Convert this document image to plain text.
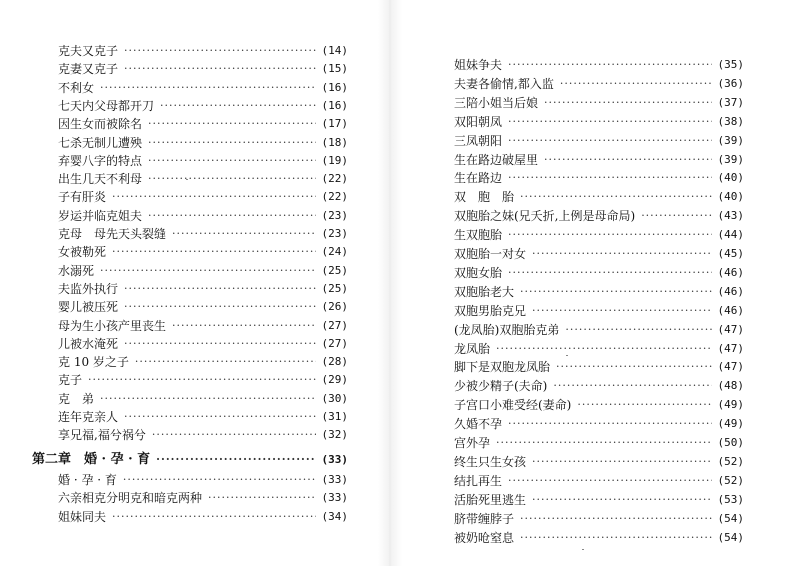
克夫又克子 ·····	(14)
克妻又克子 ·····	(15)
不利女 ·····	(16)
七天内父母都开刀 ·····	(16)
因生女而被除名 ·····	(17)
七杀无制儿遭殃 ·····	(18)
弃婴八字的特点 ·····	(19)
出生几天不利母 ·····	(22)
子有肝炎 ·····	(22)
岁运并临克姐夫 ·····	(23)
克母　母先天头裂缝 ·····	(23)
女被勒死 ·····	(24)
水溺死 ·····	(25)
夫监外执行 ·····	(25)
婴儿被压死 ·····	(26)
母为生小孩产里丧生 ·····	(27)
儿被水淹死 ·····	(27)
克 10 岁之子 ·····	(28)
克子 ·····	(29)
克　弟 ·····	(30)
连年克亲人 ·····	(31)
享兄福,福兮祸兮 ·····	(32)
第二章　婚 · 孕 · 育 ·····	(33)
婚 · 孕 · 育 ·····	(33)
六亲相克分明克和暗克两种 ·····	(33)
姐妹同夫 ·····	(34)
姐妹争夫 ·····	(35)
夫妻各偷情,都入监 ·····	(36)
三陪小姐当后娘 ·····	(37)
双阳朝凤 ·····	(38)
三凤朝阳 ·····	(39)
生在路边破屋里 ·····	(39)
生在路边 ·····	(40)
双　胞　胎 ·····	(40)
双胞胎之妹(兄夭折,上例是母命局) ·····	(43)
生双胞胎 ·····	(44)
双胞胎一对女 ·····	(45)
双胞女胎 ·····	(46)
双胞胎老大 ·····	(46)
双胞男胎克兄 ·····	(46)
(龙凤胎)双胞胎克弟 ·····	(47)
龙凤胎 ·····	(47)
脚下是双胞龙凤胎 ·····	(47)
少被少精子(夫命) ·····	(48)
子宫口小难受经(妻命) ·····	(49)
久婚不孕 ·····	(49)
宫外孕 ·····	(50)
终生只生女孩 ·····	(52)
结扎再生 ·····	(52)
活胎死里逃生 ·····	(53)
脐带缠脖子 ·····	(54)
被奶呛窒息 ·····	(54)
